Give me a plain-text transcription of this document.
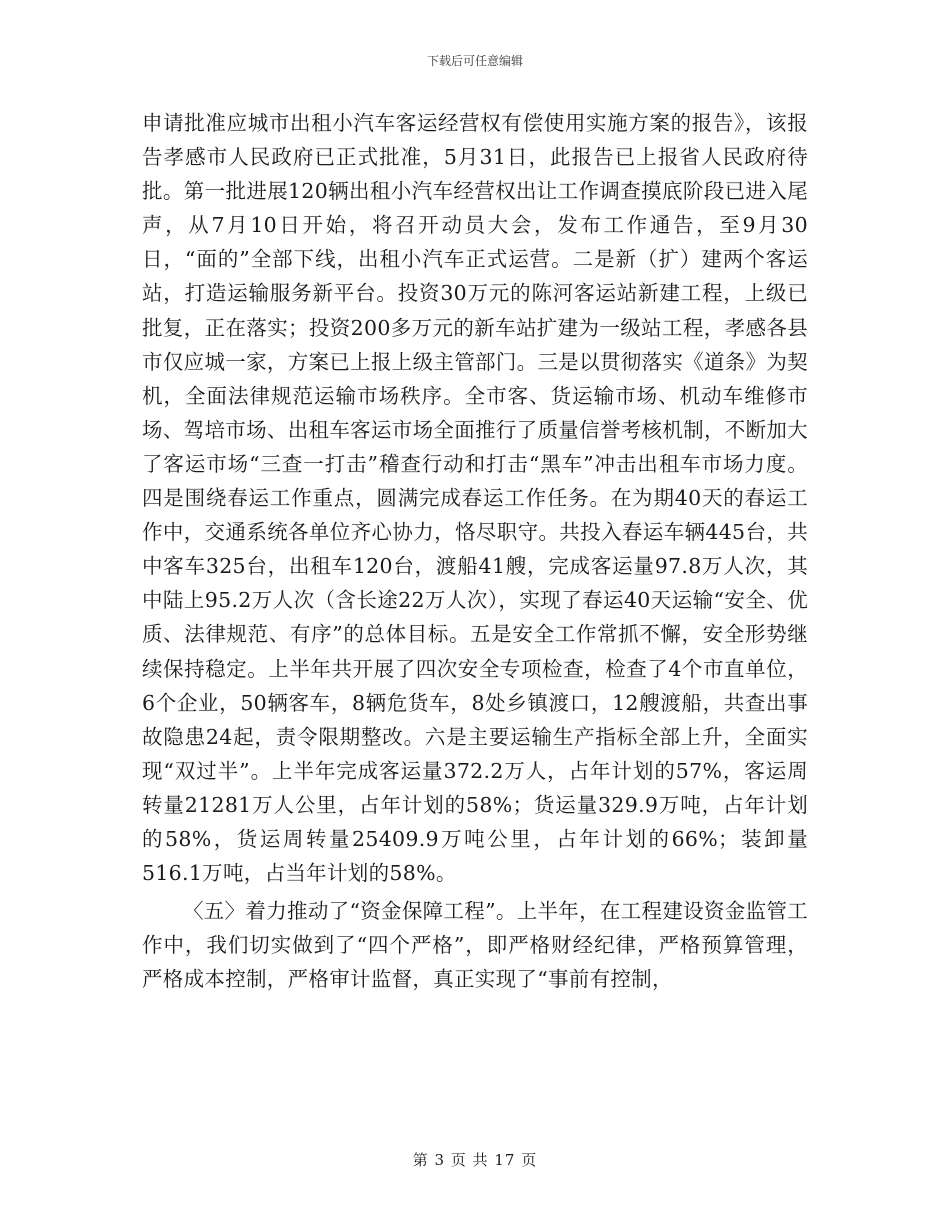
下载后可任意编辑

申请批准应城市出租小汽车客运经营权有偿使用实施方案的报告》，该报告孝感市人民政府已正式批准，5月31日，此报告已上报省人民政府待批。第一批进展120辆出租小汽车经营权出让工作调查摸底阶段已进入尾声，从7月10日开始，将召开动员大会，发布工作通告，至9月30日，“面的”全部下线，出租小汽车正式运营。二是新（扩）建两个客运站，打造运输服务新平台。投资30万元的陈河客运站新建工程，上级已批复，正在落实；投资200多万元的新车站扩建为一级站工程，孝感各县市仅应城一家，方案已上报上级主管部门。三是以贯彻落实《道条》为契机，全面法律规范运输市场秩序。全市客、货运输市场、机动车维修市场、驾培市场、出租车客运市场全面推行了质量信誉考核机制，不断加大了客运市场“三查一打击”稽查行动和打击“黑车”冲击出租车市场力度。四是围绕春运工作重点，圆满完成春运工作任务。在为期40天的春运工作中，交通系统各单位齐心协力，恪尽职守。共投入春运车辆445台，共中客车325台，出租车120台，渡船41艘，完成客运量97.8万人次，其中陆上95.2万人次（含长途22万人次），实现了春运40天运输“安全、优质、法律规范、有序”的总体目标。五是安全工作常抓不懈，安全形势继续保持稳定。上半年共开展了四次安全专项检查，检查了4个市直单位，6个企业，50辆客车，8辆危货车，8处乡镇渡口，12艘渡船，共查出事故隐患24起，责令限期整改。六是主要运输生产指标全部上升，全面实现“双过半”。上半年完成客运量372.2万人，占年计划的57%，客运周转量21281万人公里，占年计划的58%；货运量329.9万吨，占年计划的58%，货运周转量25409.9万吨公里，占年计划的66%；装卸量516.1万吨，占当年计划的58%。

〈五〉着力推动了“资金保障工程”。上半年，在工程建设资金监管工作中，我们切实做到了“四个严格”，即严格财经纪律，严格预算管理，严格成本控制，严格审计监督，真正实现了“事前有控制，

第 3 页 共 17 页
